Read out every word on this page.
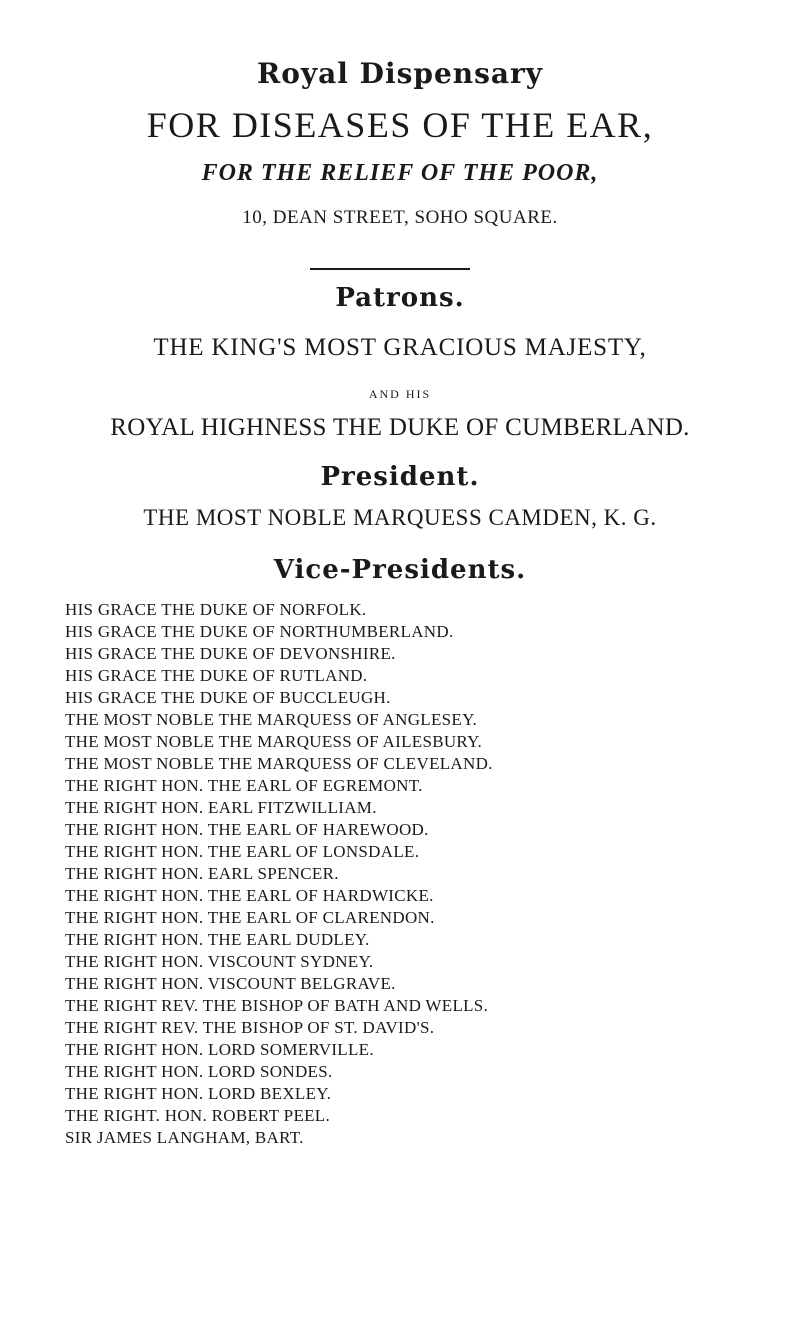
Royal Dispensary
FOR DISEASES OF THE EAR,
FOR THE RELIEF OF THE POOR,
10, DEAN STREET, SOHO SQUARE.
Patrons.
THE KING'S MOST GRACIOUS MAJESTY,
AND HIS
ROYAL HIGHNESS THE DUKE OF CUMBERLAND.
President.
THE MOST NOBLE MARQUESS CAMDEN, K. G.
Vice-Presidents.
HIS GRACE THE DUKE OF NORFOLK.
HIS GRACE THE DUKE OF NORTHUMBERLAND.
HIS GRACE THE DUKE OF DEVONSHIRE.
HIS GRACE THE DUKE OF RUTLAND.
HIS GRACE THE DUKE OF BUCCLEUGH.
THE MOST NOBLE THE MARQUESS OF ANGLESEY.
THE MOST NOBLE THE MARQUESS OF AILESBURY.
THE MOST NOBLE THE MARQUESS OF CLEVELAND.
THE RIGHT HON. THE EARL OF EGREMONT.
THE RIGHT HON. EARL FITZWILLIAM.
THE RIGHT HON. THE EARL OF HAREWOOD.
THE RIGHT HON. THE EARL OF LONSDALE.
THE RIGHT HON. EARL SPENCER.
THE RIGHT HON. THE EARL OF HARDWICKE.
THE RIGHT HON. THE EARL OF CLARENDON.
THE RIGHT HON. THE EARL DUDLEY.
THE RIGHT HON. VISCOUNT SYDNEY.
THE RIGHT HON. VISCOUNT BELGRAVE.
THE RIGHT REV. THE BISHOP OF BATH AND WELLS.
THE RIGHT REV. THE BISHOP OF ST. DAVID'S.
THE RIGHT HON. LORD SOMERVILLE.
THE RIGHT HON. LORD SONDES.
THE RIGHT HON. LORD BEXLEY.
THE RIGHT. HON. ROBERT PEEL.
SIR JAMES LANGHAM, BART.
